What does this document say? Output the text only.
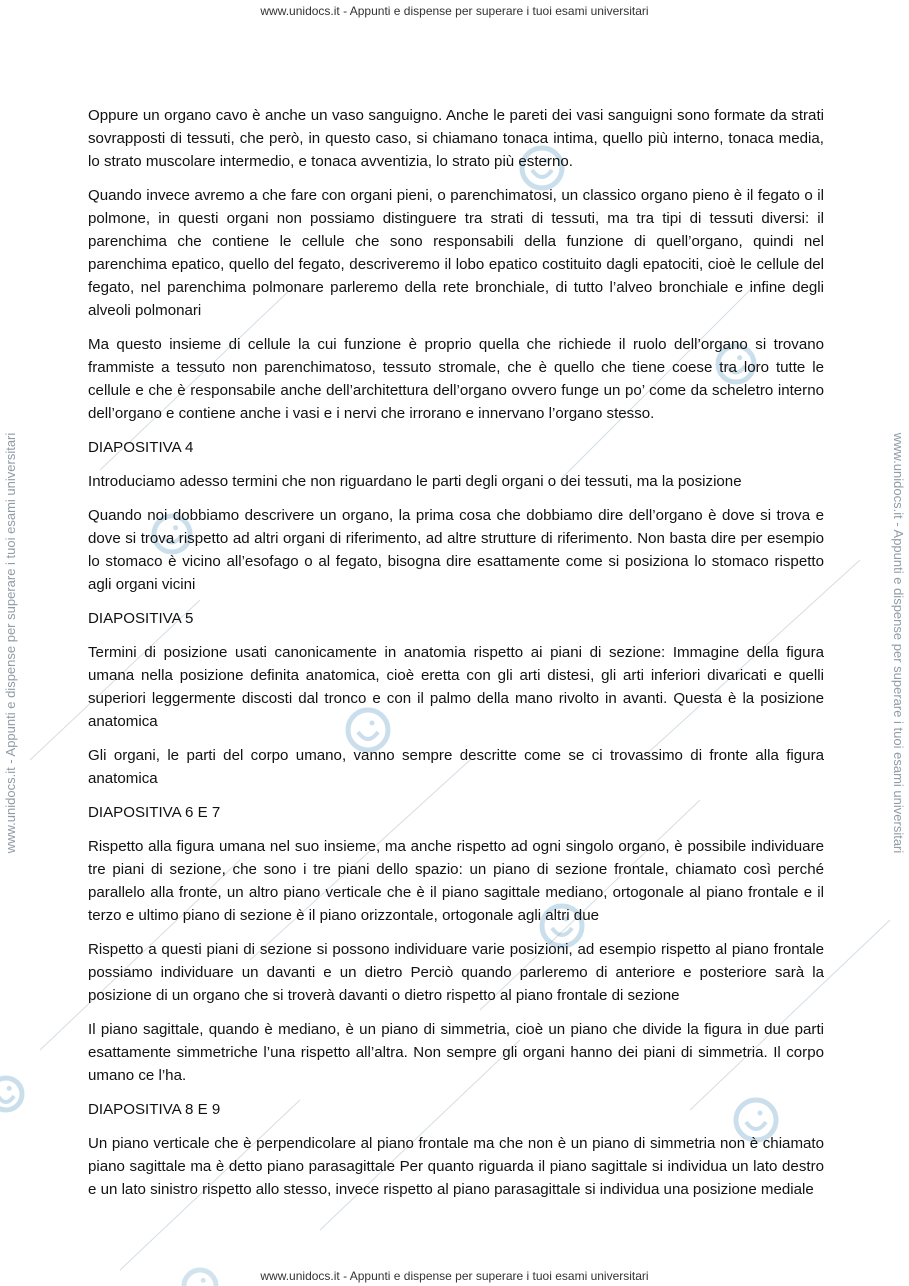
www.unidocs.it - Appunti e dispense per superare i tuoi esami universitari
www.unidocs.it - Appunti e dispense per superare i tuoi esami universitari	www.unidocs.it - Appunti e dispense per superare i tuoi esami universitari

Oppure un organo cavo è anche un vaso sanguigno. Anche le pareti dei vasi sanguigni sono formate da strati sovrapposti di tessuti, che però, in questo caso, si chiamano tonaca intima, quello più interno, tonaca media, lo strato muscolare intermedio, e tonaca avventizia, lo strato più esterno.

Quando invece avremo a che fare con organi pieni, o parenchimatosi, un classico organo pieno è il fegato o il polmone, in questi organi non possiamo distinguere tra strati di tessuti, ma tra tipi di tessuti diversi: il parenchima che contiene le cellule che sono responsabili della funzione di quell’organo, quindi nel parenchima epatico, quello del fegato, descriveremo il lobo epatico costituito dagli epatociti, cioè le cellule del fegato, nel parenchima polmonare parleremo della rete bronchiale, di tutto l’alveo bronchiale e infine degli alveoli polmonari

Ma questo insieme di cellule la cui funzione è proprio quella che richiede il ruolo dell’organo si trovano frammiste a tessuto non parenchimatoso, tessuto stromale, che è quello che tiene coese tra loro tutte le cellule e che è responsabile anche dell’architettura dell’organo ovvero funge un po’ come da scheletro interno dell’organo e contiene anche i vasi e i nervi che irrorano e innervano l’organo stesso.

DIAPOSITIVA 4

Introduciamo adesso termini che non riguardano le parti degli organi o dei tessuti, ma la posizione

Quando noi dobbiamo descrivere un organo, la prima cosa che dobbiamo dire dell’organo è dove si trova e dove si trova rispetto ad altri organi di riferimento, ad altre strutture di riferimento. Non basta dire per esempio lo stomaco è vicino all’esofago o al fegato, bisogna dire esattamente come si posiziona lo stomaco rispetto agli organi vicini

DIAPOSITIVA 5

Termini di posizione usati canonicamente in anatomia rispetto ai piani di sezione: Immagine della figura umana nella posizione definita anatomica, cioè eretta con gli arti distesi, gli arti inferiori divaricati e quelli superiori leggermente discosti dal tronco e con il palmo della mano rivolto in avanti. Questa è la posizione anatomica

Gli organi, le parti del corpo umano, vanno sempre descritte come se ci trovassimo di fronte alla figura anatomica

DIAPOSITIVA 6 E 7

Rispetto alla figura umana nel suo insieme, ma anche rispetto ad ogni singolo organo, è possibile individuare tre piani di sezione, che sono i tre piani dello spazio: un piano di sezione frontale, chiamato così perché parallelo alla fronte, un altro piano verticale che è il piano sagittale mediano, ortogonale al piano frontale e il terzo e ultimo piano di sezione è il piano orizzontale, ortogonale agli altri due

Rispetto a questi piani di sezione si possono individuare varie posizioni, ad esempio rispetto al piano frontale possiamo individuare un davanti e un dietro Perciò quando parleremo di anteriore e posteriore sarà la posizione di un organo che si troverà davanti o dietro rispetto al piano frontale di sezione

Il piano sagittale, quando è mediano, è un piano di simmetria, cioè un piano che divide la figura in due parti esattamente simmetriche l’una rispetto all’altra. Non sempre gli organi hanno dei piani di simmetria. Il corpo umano ce l’ha.

DIAPOSITIVA 8 E 9

Un piano verticale che è perpendicolare al piano frontale ma che non è un piano di simmetria non è chiamato piano sagittale ma è detto piano parasagittale Per quanto riguarda il piano sagittale si individua un lato destro e un lato sinistro rispetto allo stesso, invece rispetto al piano parasagittale si individua una posizione mediale

www.unidocs.it - Appunti e dispense per superare i tuoi esami universitari
